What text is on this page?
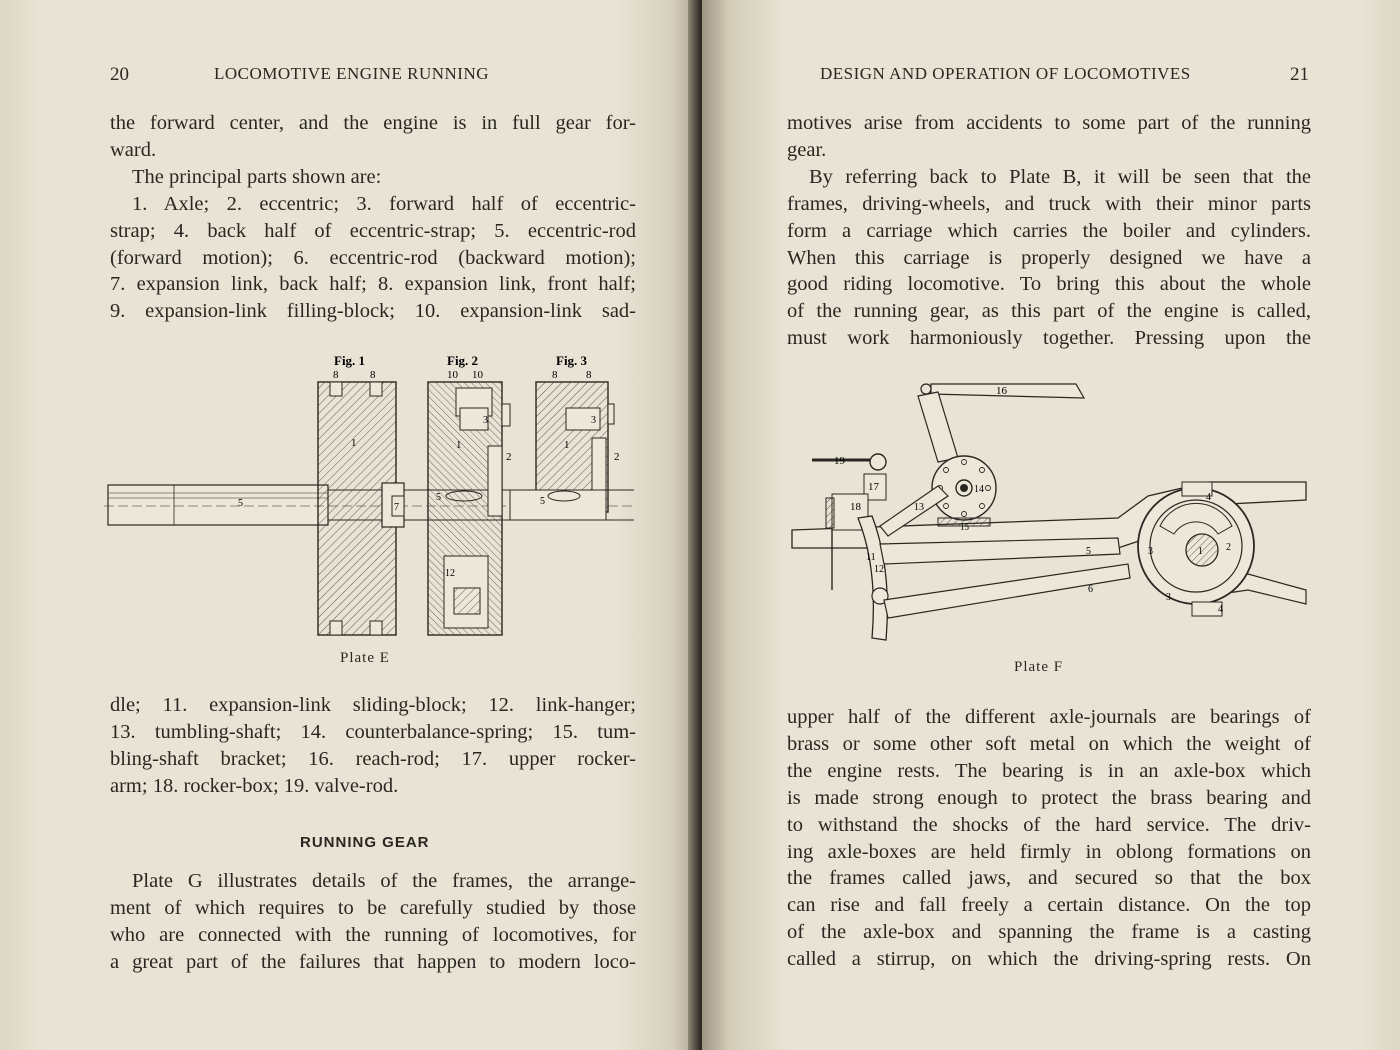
20	LOCOMOTIVE ENGINE RUNNING
the forward center, and the engine is in full gear for-
ward.
The principal parts shown are:
1. Axle; 2. eccentric; 3. forward half of eccentric-
strap; 4. back half of eccentric-strap; 5. eccentric-rod
(forward motion); 6. eccentric-rod (backward motion);
7. expansion link, back half; 8. expansion link, front half;
9. expansion-link filling-block; 10. expansion-link sad-
Fig. 1	Fig. 2	Fig. 3
8	8	10 10	8	8
1	1	1
3	3
2	2
5
5	5
7
12
Plate E
dle; 11. expansion-link sliding-block; 12. link-hanger;
13. tumbling-shaft; 14. counterbalance-spring; 15. tum-
bling-shaft bracket; 16. reach-rod; 17. upper rocker-
arm; 18. rocker-box; 19. valve-rod.
RUNNING GEAR
Plate G illustrates details of the frames, the arrange-
ment of which requires to be carefully studied by those
who are connected with the running of locomotives, for
a great part of the failures that happen to modern loco-
DESIGN AND OPERATION OF LOCOMOTIVES	21
motives arise from accidents to some part of the running
gear.
By referring back to Plate B, it will be seen that the
frames, driving-wheels, and truck with their minor parts
form a carriage which carries the boiler and cylinders.
When this carriage is properly designed we have a
good riding locomotive. To bring this about the whole
of the running gear, as this part of the engine is called,
must work harmoniously together. Pressing upon the
16
19
17
18	13
14
15
11
12
5
6
3
3
1 2
4
4
Plate F
upper half of the different axle-journals are bearings of
brass or some other soft metal on which the weight of
the engine rests. The bearing is in an axle-box which
is made strong enough to protect the brass bearing and
to withstand the shocks of the hard service. The driv-
ing axle-boxes are held firmly in oblong formations on
the frames called jaws, and secured so that the box
can rise and fall freely a certain distance. On the top
of the axle-box and spanning the frame is a casting
called a stirrup, on which the driving-spring rests. On
